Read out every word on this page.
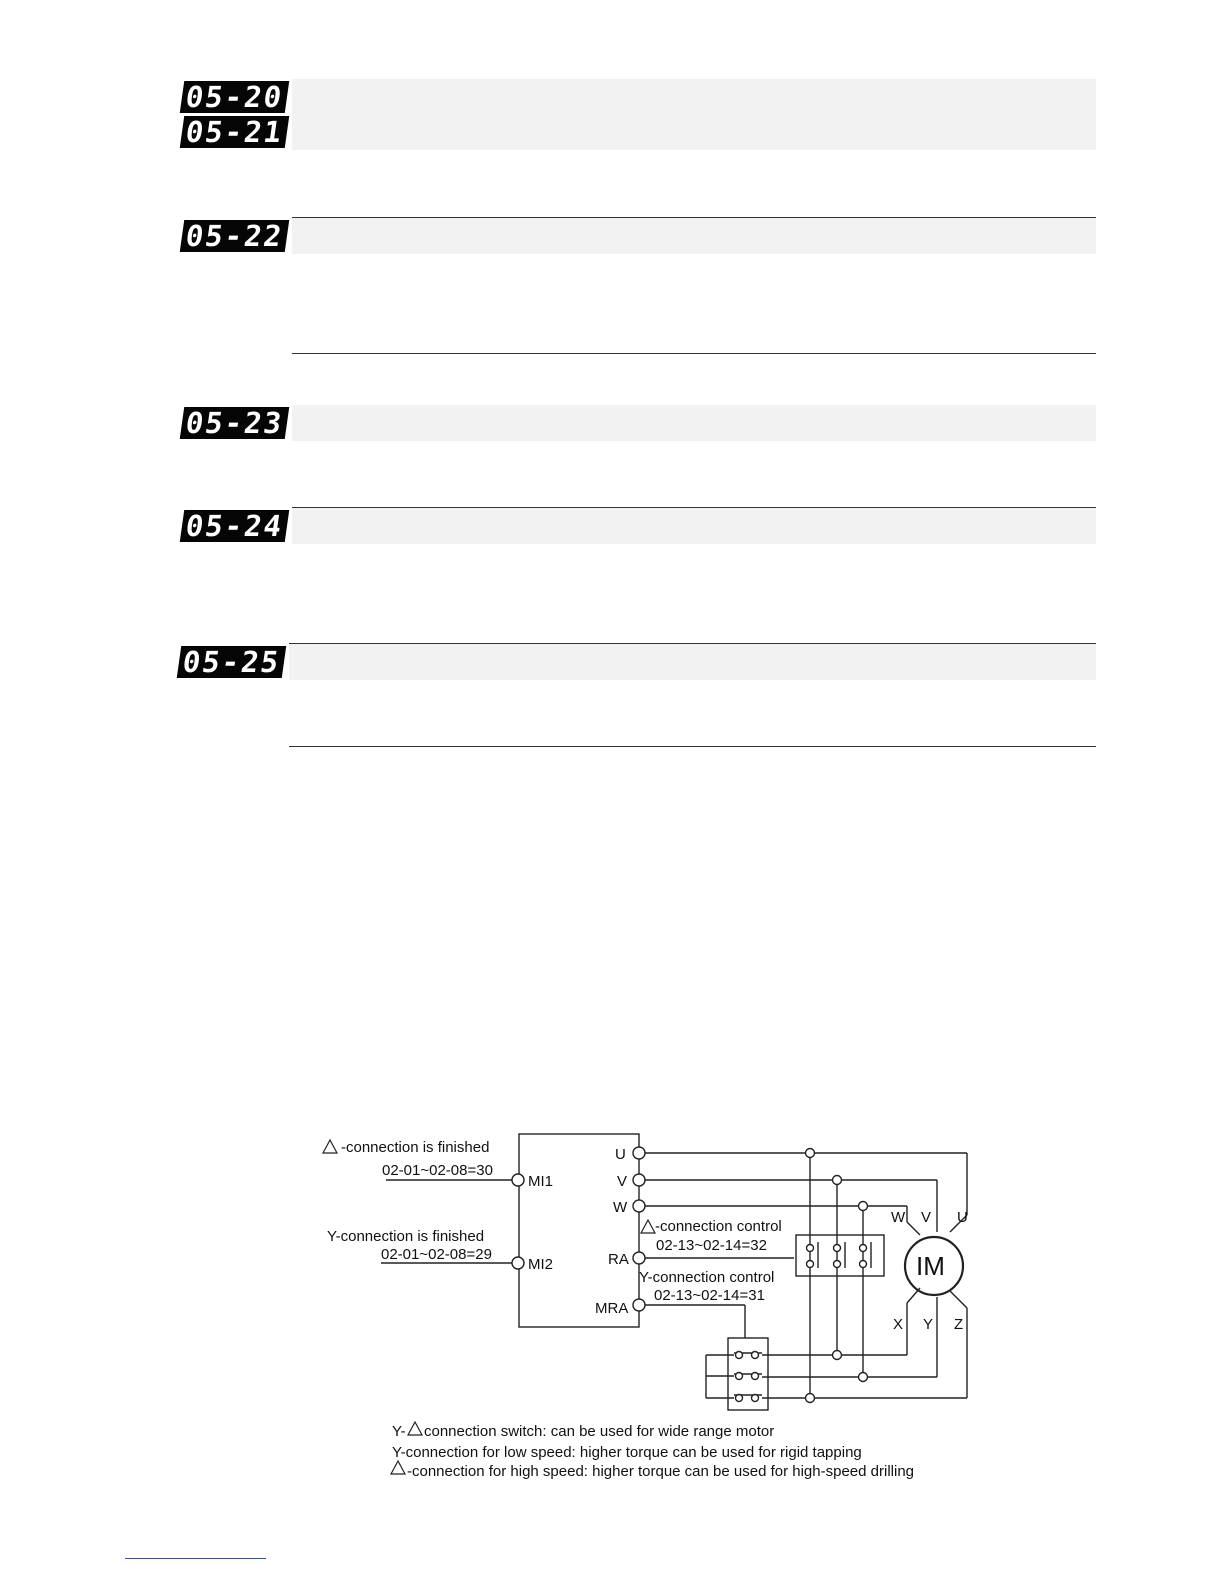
05-20
05-21
05-22
05-23
05-24
05-25
-connection is finished
02-01~02-08=30
Y-connection is finished
02-01~02-08=29
MI1
MI2
U
V
W
RA
MRA
-connection control
02-13~02-14=32
Y-connection control
02-13~02-14=31
W V U
IM
X Y Z
Y- connection switch: can be used for wide range motor
Y-connection for low speed: higher torque can be used for rigid tapping
-connection for high speed: higher torque can be used for high-speed drilling
